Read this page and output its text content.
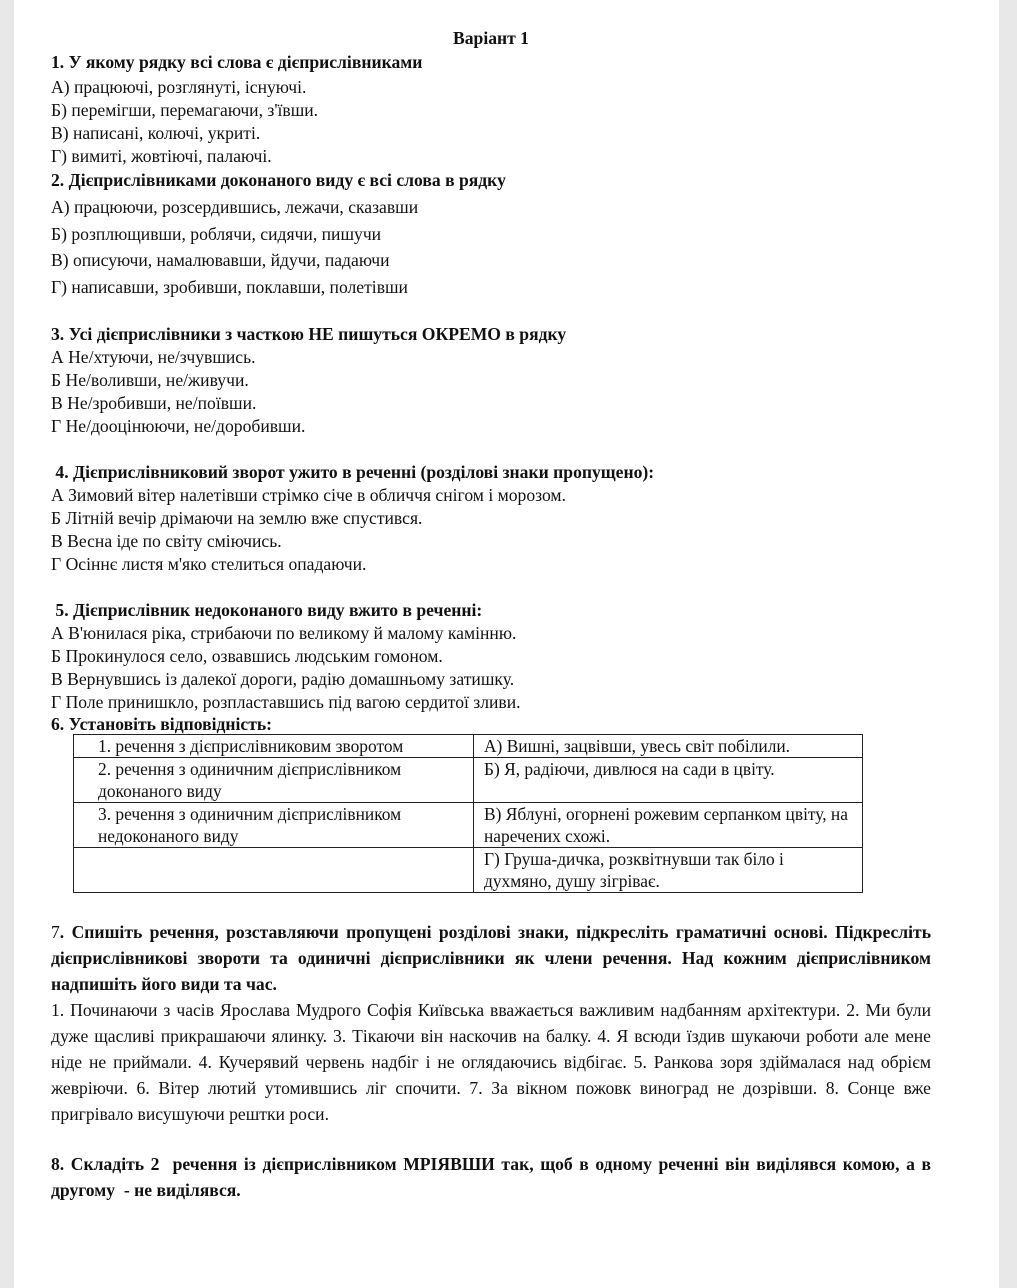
Варіант 1
1. У якому рядку всі слова є дієприслівниками
А) працюючі, розглянуті, існуючі.
Б) перемігши, перемагаючи, з'ївши.
В) написані, колючі, укриті.
Г) вимиті, жовтіючі, палаючі.
2. Дієприслівниками доконаного виду є всі слова в рядку
А) працюючи, розсердившись, лежачи, сказавши
Б) розплющивши, роблячи, сидячи, пишучи
В) описуючи, намалювавши, йдучи, падаючи
Г) написавши, зробивши, поклавши, полетівши
3. Усі дієприслівники з часткою НЕ пишуться ОКРЕМО в рядку
А Не/хтуючи, не/зчувшись.
Б Не/воливши, не/живучи.
В Не/зробивши, не/поївши.
Г Не/дооцінюючи, не/доробивши.
4. Дієприслівниковий зворот ужито в реченні (розділові знаки пропущено):
А Зимовий вітер налетівши стрімко січе в обличчя снігом і морозом.
Б Літній вечір дрімаючи на землю вже спустився.
В Весна іде по світу сміючись.
Г Осіннє листя м'яко стелиться опадаючи.
5. Дієприслівник недоконаного виду вжито в реченні:
А В'юнилася ріка, стрибаючи по великому й малому камінню.
Б Прокинулося село, озвавшись людським гомоном.
В Вернувшись із далекої дороги, радію домашньому затишку.
Г Поле принишкло, розпластавшись під вагою сердитої зливи.
6. Установіть відповідність:
1. речення з дієприслівниковим зворотом	А) Вишні, зацвівши, увесь світ побілили.
2. речення з одиничним дієприслівником доконаного виду	Б) Я, радіючи, дивлюся на сади в цвіту.
3. речення з одиничним дієприслівником недоконаного виду	В) Яблуні, огорнені рожевим серпанком цвіту, на наречених схожі.
	Г) Груша-дичка, розквітнувши так біло і духмяно, душу зігріває.
7. Спишіть речення, розставляючи пропущені розділові знаки, підкресліть граматичні основі. Підкресліть дієприслівникові звороти та одиничні дієприслівники як члени речення. Над кожним дієприслівником надпишіть його види та час.
1. Починаючи з часів Ярослава Мудрого Софія Київська вважається важливим надбанням архітектури. 2. Ми були дуже щасливі прикрашаючи ялинку. 3. Тікаючи він наскочив на балку. 4. Я всюди їздив шукаючи роботи але мене ніде не приймали. 4. Кучерявий червень надбіг і не оглядаючись відбігає. 5. Ранкова зоря здіймалася над обрієм жевріючи. 6. Вітер лютий утомившись ліг спочити. 7. За вікном пожовк виноград не дозрівши. 8. Сонце вже пригрівало висушуючи рештки роси.
8. Складіть 2  речення із дієприслівником МРІЯВШИ так, щоб в одному реченні він виділявся комою, а в другому  - не виділявся.
